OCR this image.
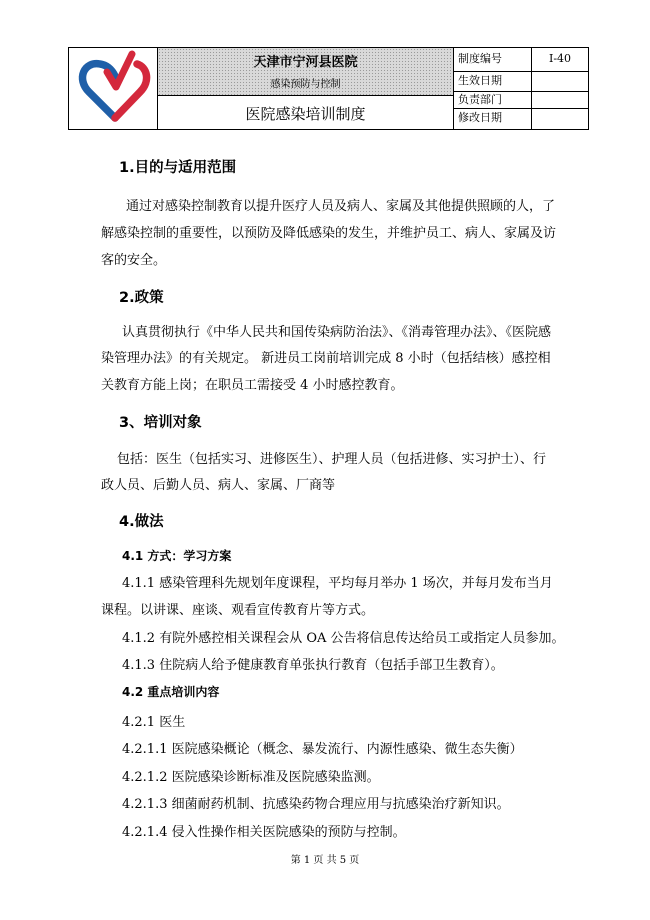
天津市宁河县医院
感染预防与控制
医院感染培训制度
制度编号	I-40
生效日期
负责部门
修改日期
1.目的与适用范围
通过对感染控制教育以提升医疗人员及病人、家属及其他提供照顾的人，了
解感染控制的重要性，以预防及降低感染的发生，并维护员工、病人、家属及访
客的安全。
2.政策
认真贯彻执行《中华人民共和国传染病防治法》、《消毒管理办法》、《医院感
染管理办法》的有关规定。 新进员工岗前培训完成 8 小时（包括结核）感控相
关教育方能上岗；在职员工需接受 4 小时感控教育。
3、培训对象
包括：医生（包括实习、进修医生）、护理人员（包括进修、实习护士）、行
政人员、后勤人员、病人、家属、厂商等
4.做法
4.1 方式：学习方案
4.1.1 感染管理科先规划年度课程，平均每月举办 1 场次，并每月发布当月
课程。以讲课、座谈、观看宣传教育片等方式。
4.1.2 有院外感控相关课程会从 OA 公告将信息传达给员工或指定人员参加。
4.1.3 住院病人给予健康教育单张执行教育（包括手部卫生教育）。
4.2 重点培训内容
4.2.1 医生
4.2.1.1 医院感染概论（概念、暴发流行、内源性感染、微生态失衡）
4.2.1.2 医院感染诊断标准及医院感染监测。
4.2.1.3 细菌耐药机制、抗感染药物合理应用与抗感染治疗新知识。
4.2.1.4 侵入性操作相关医院感染的预防与控制。
第 1 页 共 5 页
